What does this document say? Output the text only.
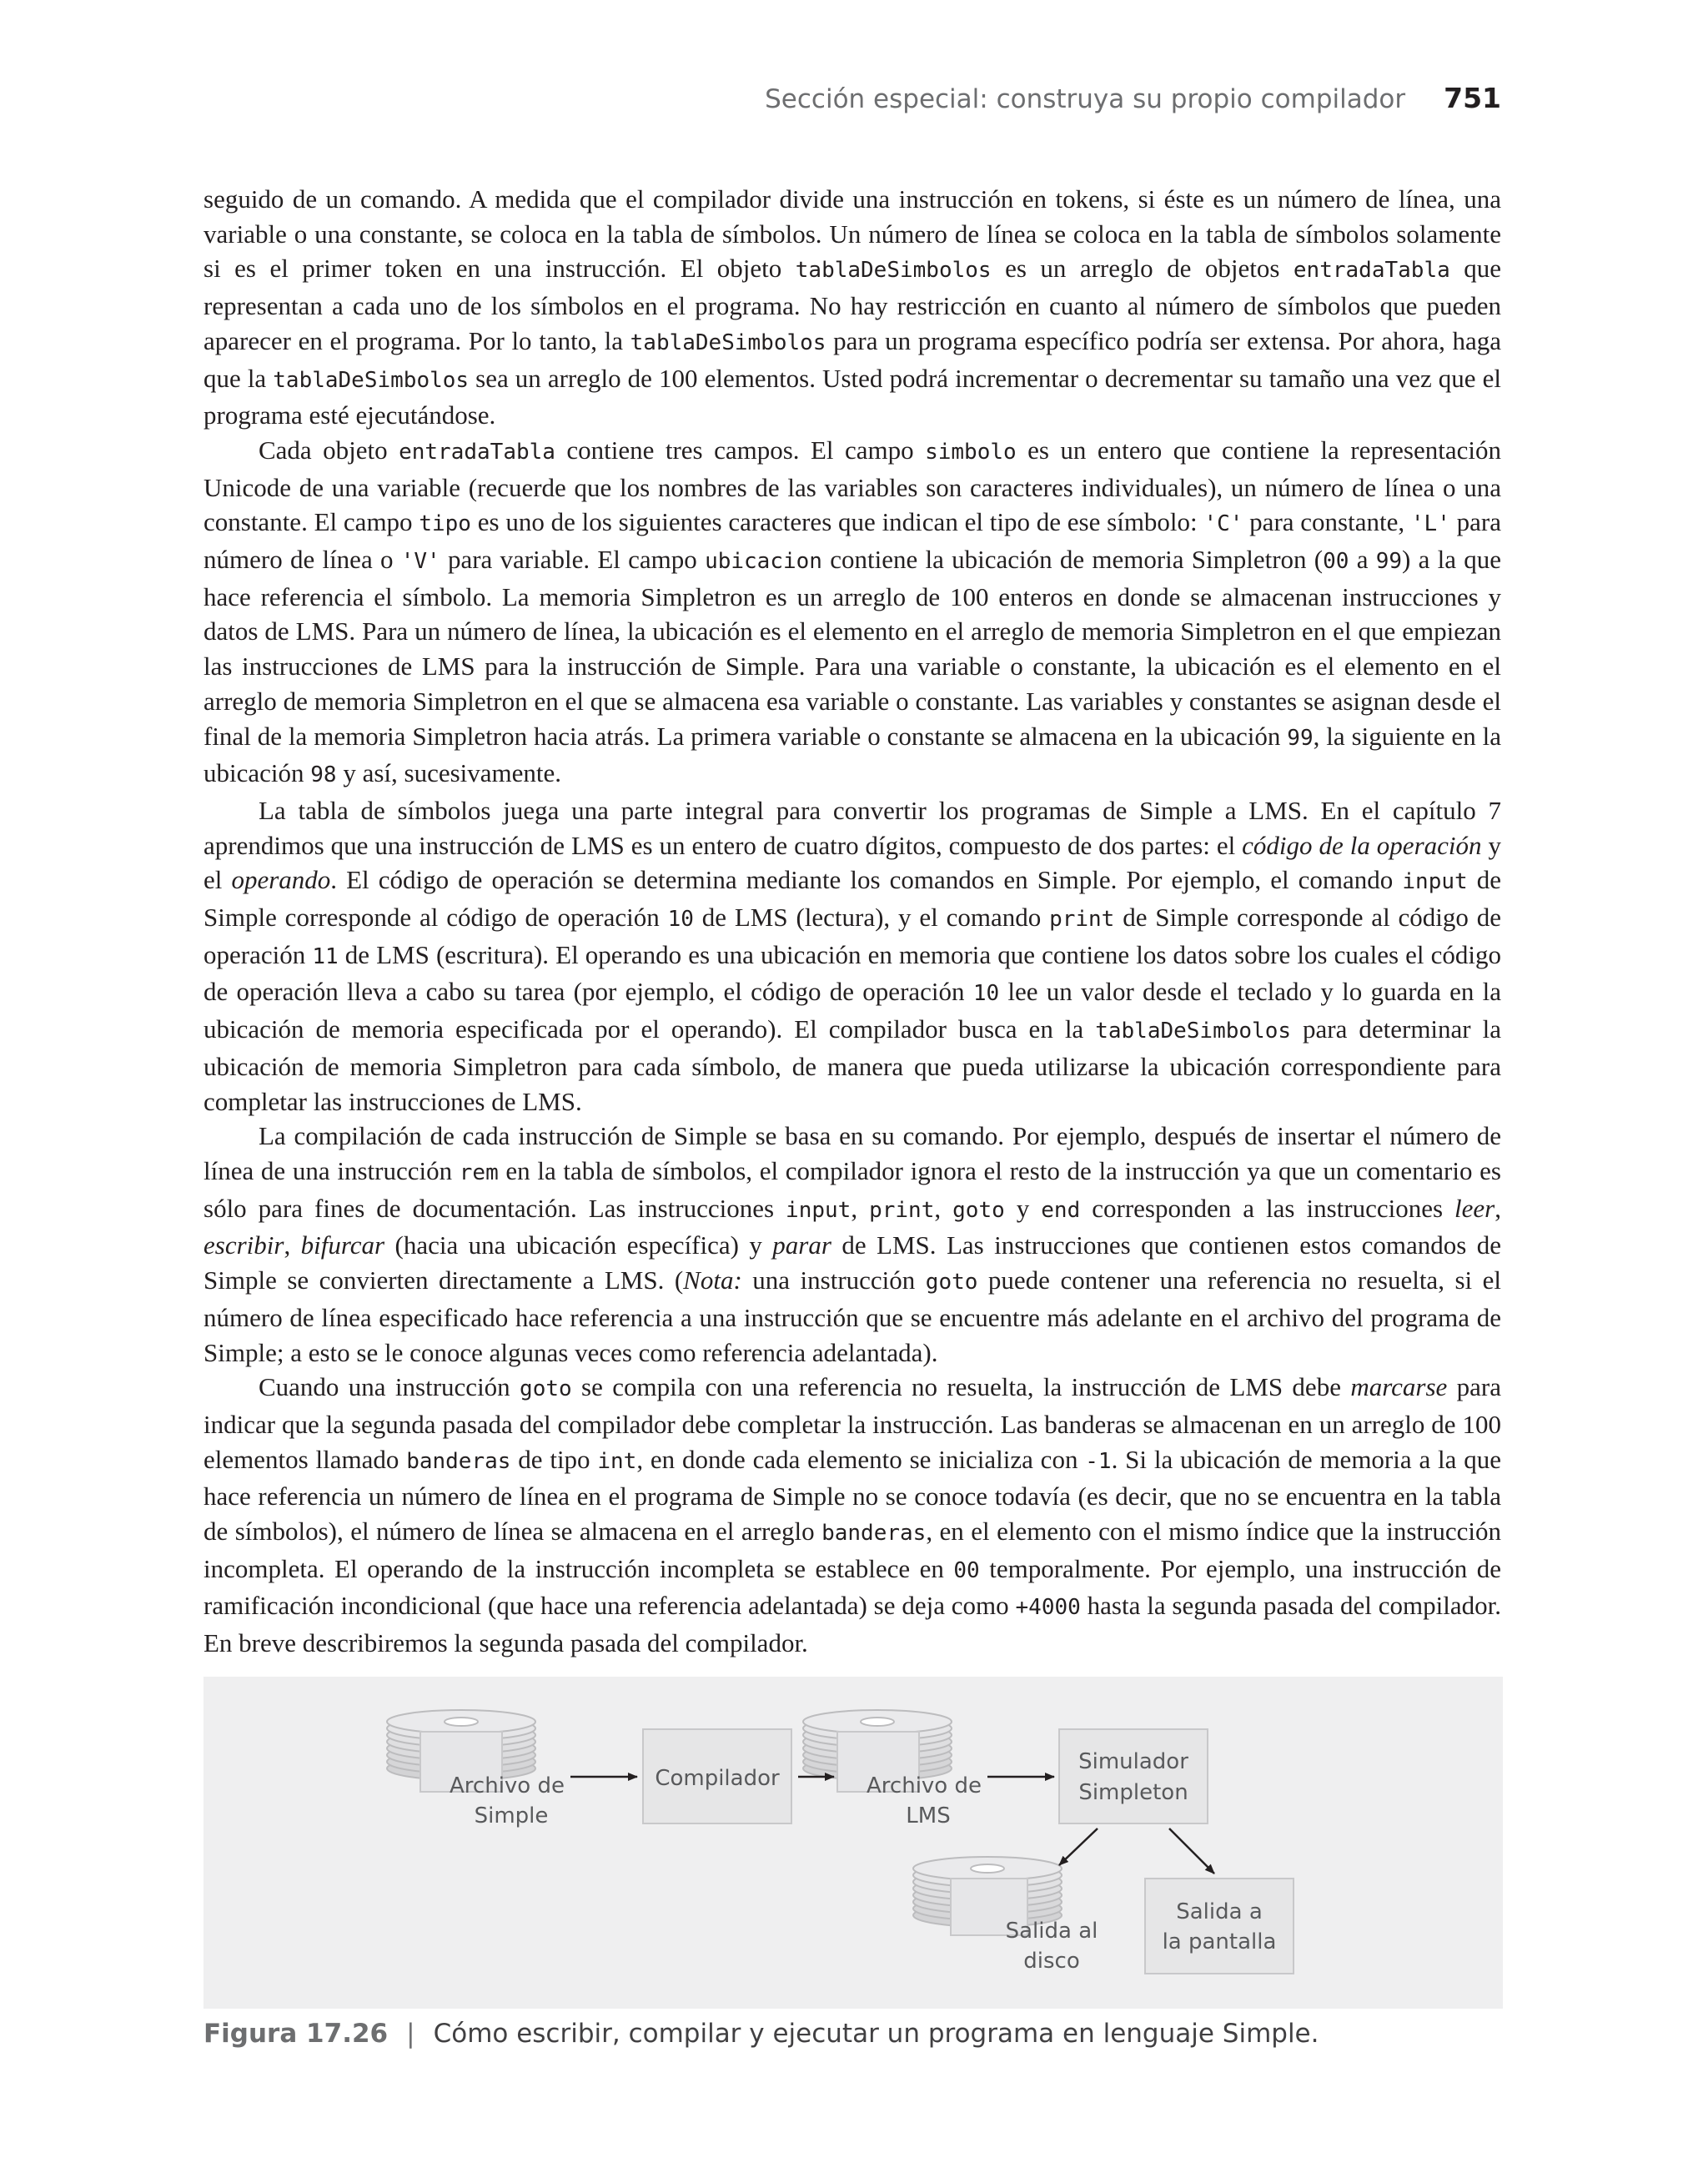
Sección especial: construya su propio compilador 751

seguido de un comando. A medida que el compilador divide una instrucción en tokens, si éste es un número de línea, una variable o una constante, se coloca en la tabla de símbolos. Un número de línea se coloca en la tabla de símbolos solamente si es el primer token en una instrucción. El objeto tablaDeSimbolos es un arreglo de objetos entradaTabla que representan a cada uno de los símbolos en el programa. No hay restricción en cuanto al número de símbolos que pueden aparecer en el programa. Por lo tanto, la tablaDeSimbolos para un programa específico podría ser extensa. Por ahora, haga que la tablaDeSimbolos sea un arreglo de 100 elementos. Usted podrá incrementar o decrementar su tamaño una vez que el programa esté ejecutándose.

Cada objeto entradaTabla contiene tres campos. El campo simbolo es un entero que contiene la representación Unicode de una variable (recuerde que los nombres de las variables son caracteres individuales), un número de línea o una constante. El campo tipo es uno de los siguientes caracteres que indican el tipo de ese símbolo: 'C' para constante, 'L' para número de línea o 'V' para variable. El campo ubicacion contiene la ubicación de memoria Simpletron (00 a 99) a la que hace referencia el símbolo. La memoria Simpletron es un arreglo de 100 enteros en donde se almacenan instrucciones y datos de LMS. Para un número de línea, la ubicación es el elemento en el arreglo de memoria Simpletron en el que empiezan las instrucciones de LMS para la instrucción de Simple. Para una variable o constante, la ubicación es el elemento en el arreglo de memoria Simpletron en el que se almacena esa variable o constante. Las variables y constantes se asignan desde el final de la memoria Simpletron hacia atrás. La primera variable o constante se almacena en la ubicación 99, la siguiente en la ubicación 98 y así, sucesivamente.

La tabla de símbolos juega una parte integral para convertir los programas de Simple a LMS. En el capítulo 7 aprendimos que una instrucción de LMS es un entero de cuatro dígitos, compuesto de dos partes: el código de la operación y el operando. El código de operación se determina mediante los comandos en Simple. Por ejemplo, el comando input de Simple corresponde al código de operación 10 de LMS (lectura), y el comando print de Simple corresponde al código de operación 11 de LMS (escritura). El operando es una ubicación en memoria que contiene los datos sobre los cuales el código de operación lleva a cabo su tarea (por ejemplo, el código de operación 10 lee un valor desde el teclado y lo guarda en la ubicación de memoria especificada por el operando). El compilador busca en la tablaDeSimbolos para determinar la ubicación de memoria Simpletron para cada símbolo, de manera que pueda utilizarse la ubicación correspondiente para completar las instrucciones de LMS.

La compilación de cada instrucción de Simple se basa en su comando. Por ejemplo, después de insertar el número de línea de una instrucción rem en la tabla de símbolos, el compilador ignora el resto de la instrucción ya que un comentario es sólo para fines de documentación. Las instrucciones input, print, goto y end corresponden a las instrucciones leer, escribir, bifurcar (hacia una ubicación específica) y parar de LMS. Las instrucciones que contienen estos comandos de Simple se convierten directamente a LMS. (Nota: una instrucción goto puede contener una referencia no resuelta, si el número de línea especificado hace referencia a una instrucción que se encuentre más adelante en el archivo del programa de Simple; a esto se le conoce algunas veces como referencia adelantada).

Cuando una instrucción goto se compila con una referencia no resuelta, la instrucción de LMS debe marcarse para indicar que la segunda pasada del compilador debe completar la instrucción. Las banderas se almacenan en un arreglo de 100 elementos llamado banderas de tipo int, en donde cada elemento se inicializa con -1. Si la ubicación de memoria a la que hace referencia un número de línea en el programa de Simple no se conoce todavía (es decir, que no se encuentra en la tabla de símbolos), el número de línea se almacena en el arreglo banderas, en el elemento con el mismo índice que la instrucción incompleta. El operando de la instrucción incompleta se establece en 00 temporalmente. Por ejemplo, una instrucción de ramificación incondicional (que hace una referencia adelantada) se deja como +4000 hasta la segunda pasada del compilador. En breve describiremos la segunda pasada del compilador.

Archivo de
Simple
Compilador	Archivo de
LMS
Simulador
Simpleton
Salida al
disco
Salida a
la pantalla
Figura 17.26 | Cómo escribir, compilar y ejecutar un programa en lenguaje Simple.
